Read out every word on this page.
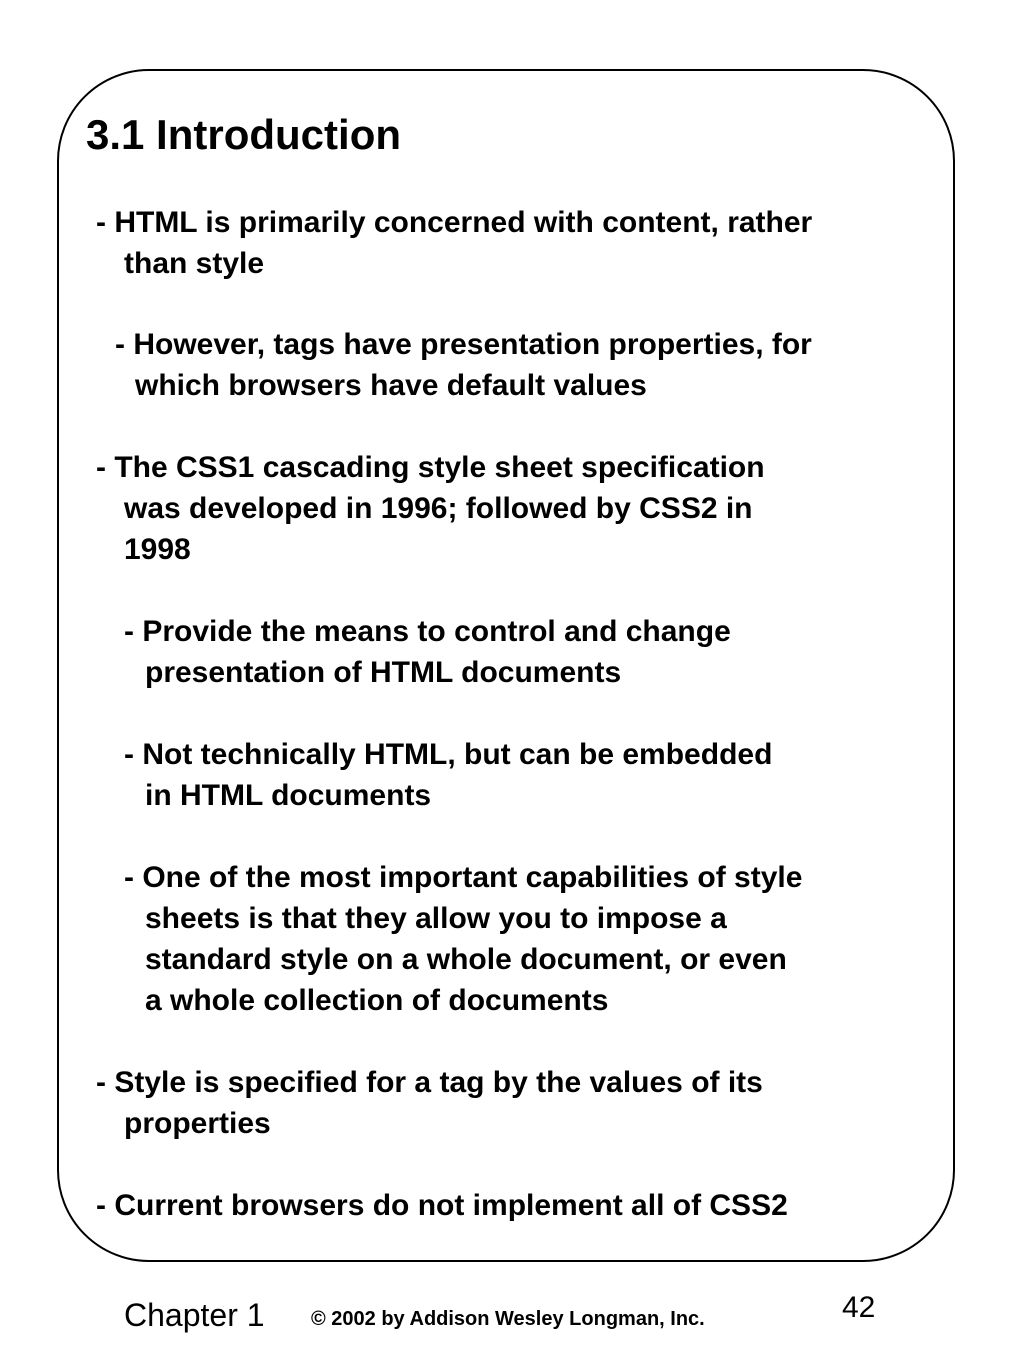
3.1 Introduction
- HTML is primarily concerned with content, rather
than style
- However, tags have presentation properties, for
which browsers have default values
- The CSS1 cascading style sheet specification
was developed in 1996; followed by CSS2 in
1998
- Provide the means to control and change
presentation of HTML documents
- Not technically HTML, but can be embedded
in HTML documents
- One of the most important capabilities of style
sheets is that they allow you to impose a
standard style on a whole document, or even
a whole collection of documents
- Style is specified for a tag by the values of its
properties
- Current browsers do not implement all of CSS2
Chapter 1 © 2002 by Addison Wesley Longman, Inc.	42
